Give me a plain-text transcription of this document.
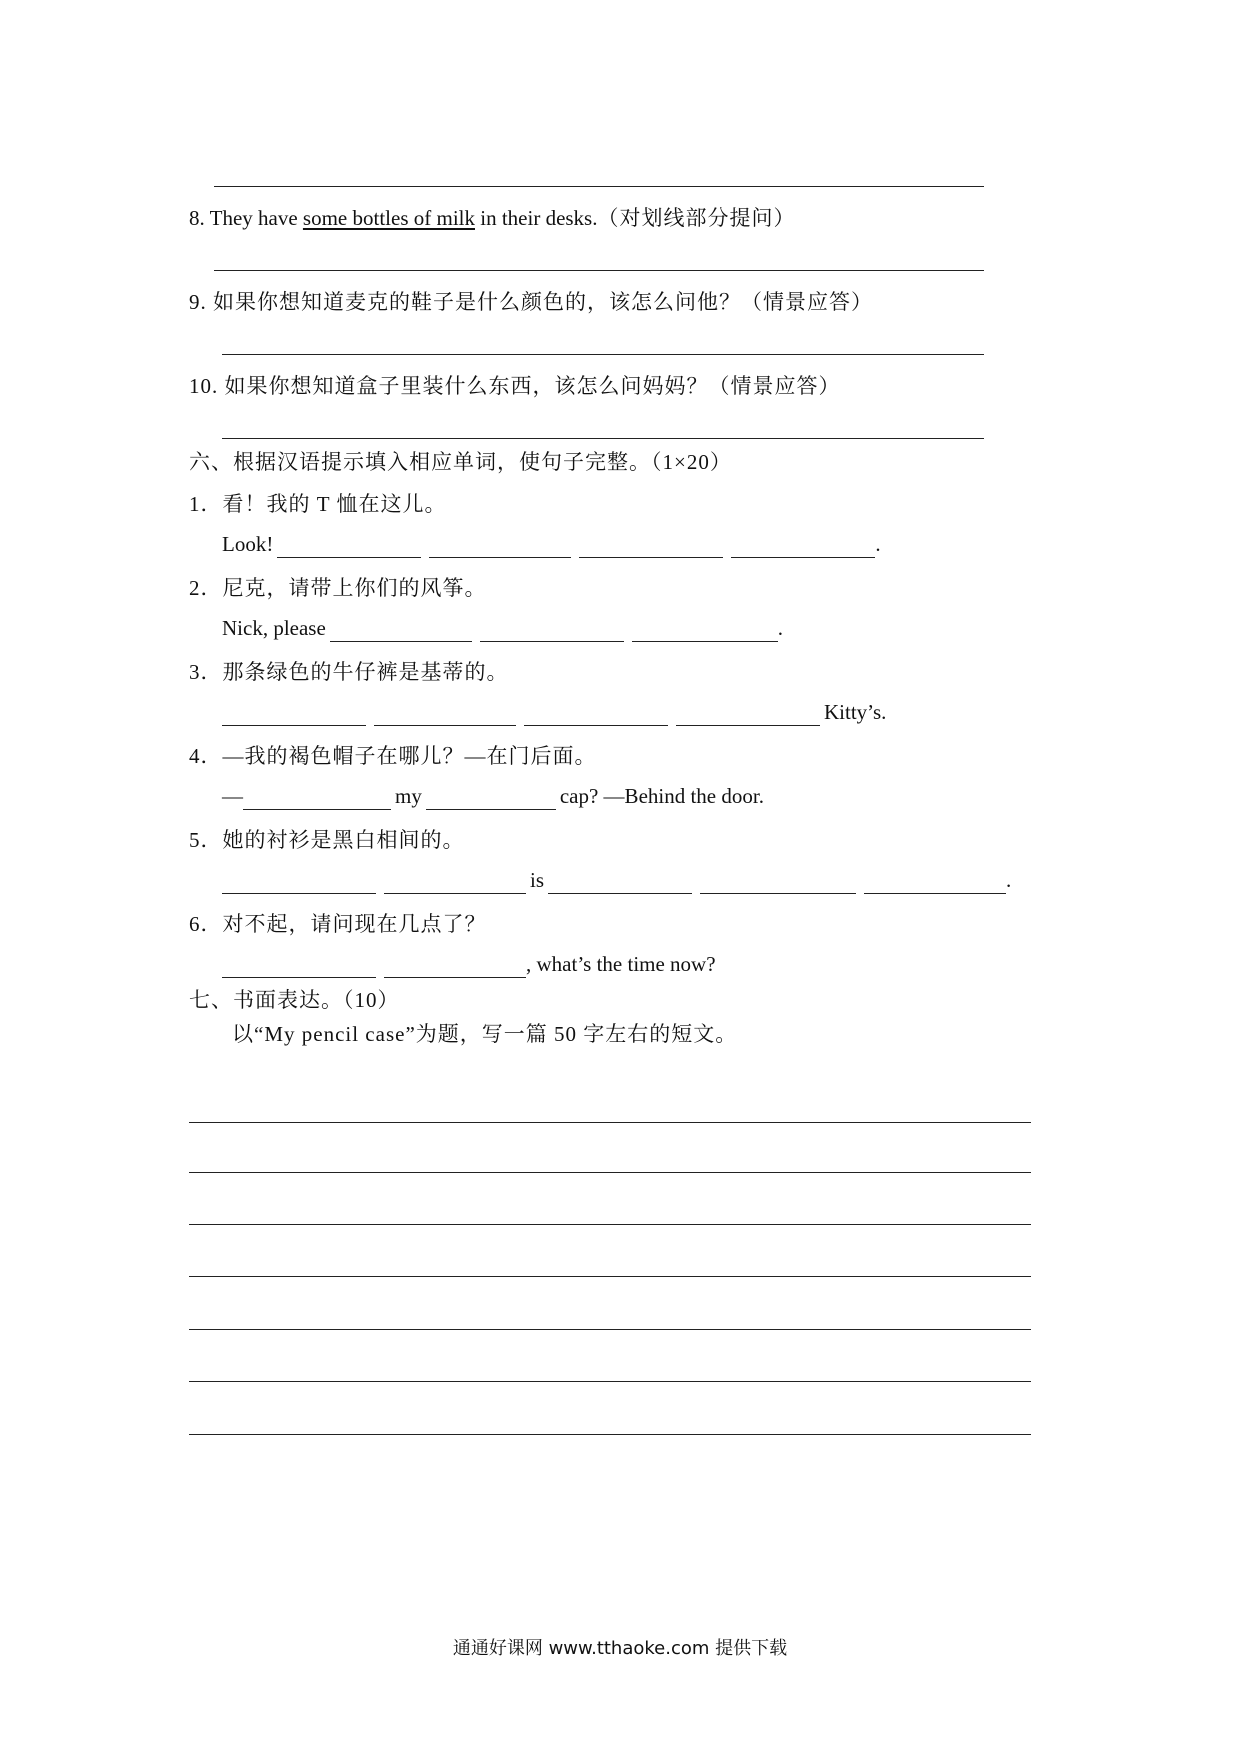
8. They have some bottles of milk in their desks.（对划线部分提问）
9. 如果你想知道麦克的鞋子是什么颜色的，该怎么问他？（情景应答）
10. 如果你想知道盒子里装什么东西，该怎么问妈妈？（情景应答）
六、根据汉语提示填入相应单词，使句子完整。（1×20）
1．看！我的 T 恤在这儿。
Look!	.
2．尼克，请带上你们的风筝。
Nick, please	.
3．那条绿色的牛仔裤是基蒂的。
Kitty’s.
4．—我的褐色帽子在哪儿？—在门后面。
—	my	cap? —Behind the door.
5．她的衬衫是黑白相间的。
is	.
6．对不起，请问现在几点了？
, what’s the time now?
七、书面表达。（10）
以“My pencil case”为题，写一篇 50 字左右的短文。
通通好课网 www.tthaoke.com 提供下载
